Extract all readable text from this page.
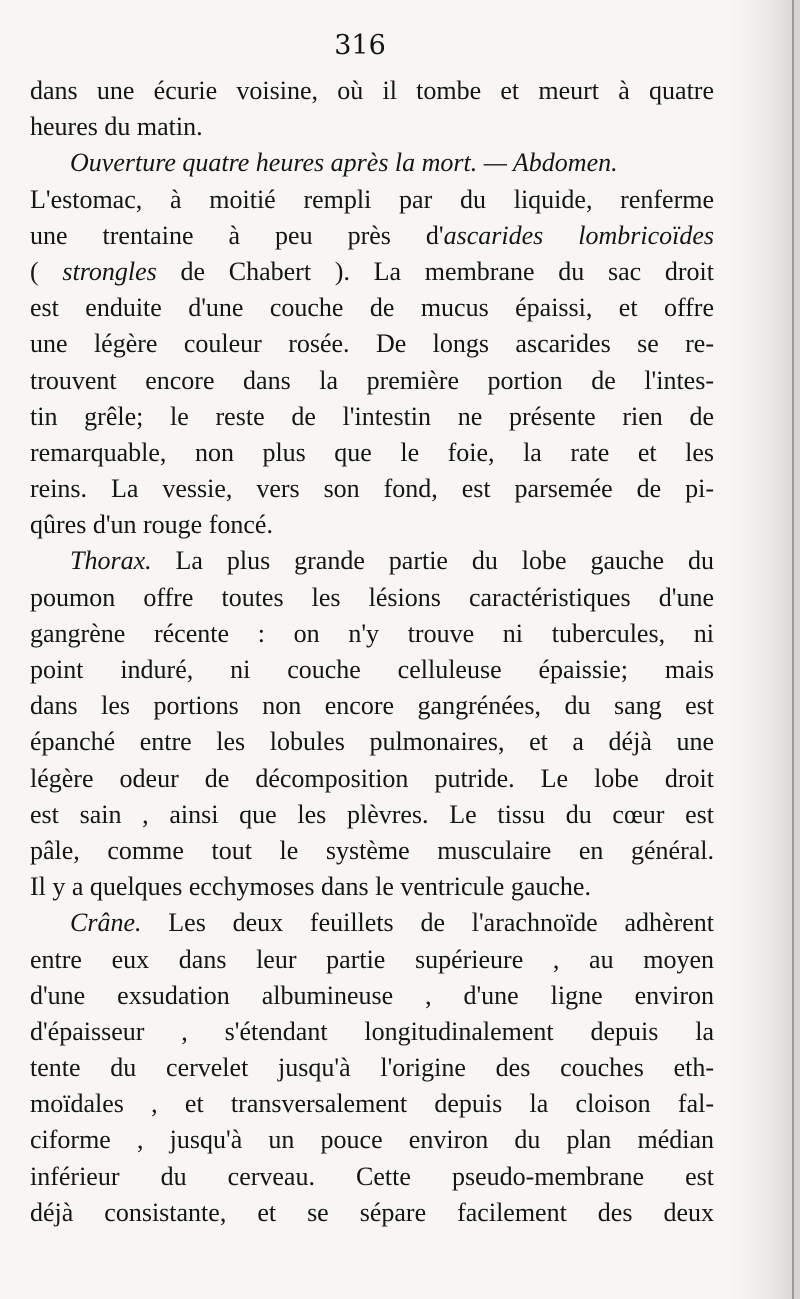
316
dans une écurie voisine, où il tombe et meurt à quatre
heures du matin.
Ouverture quatre heures après la mort. — Abdomen.
L'estomac, à moitié rempli par du liquide, renferme
une trentaine à peu près d'ascarides lombricoïdes
( strongles de Chabert ). La membrane du sac droit
est enduite d'une couche de mucus épaissi, et offre
une légère couleur rosée. De longs ascarides se re-
trouvent encore dans la première portion de l'intes-
tin grêle; le reste de l'intestin ne présente rien de
remarquable, non plus que le foie, la rate et les
reins. La vessie, vers son fond, est parsemée de pi-
qûres d'un rouge foncé.
Thorax. La plus grande partie du lobe gauche du
poumon offre toutes les lésions caractéristiques d'une
gangrène récente : on n'y trouve ni tubercules, ni
point induré, ni couche celluleuse épaissie; mais
dans les portions non encore gangrénées, du sang est
épanché entre les lobules pulmonaires, et a déjà une
légère odeur de décomposition putride. Le lobe droit
est sain , ainsi que les plèvres. Le tissu du cœur est
pâle, comme tout le système musculaire en général.
Il y a quelques ecchymoses dans le ventricule gauche.
Crâne. Les deux feuillets de l'arachnoïde adhèrent
entre eux dans leur partie supérieure , au moyen
d'une exsudation albumineuse , d'une ligne environ
d'épaisseur , s'étendant longitudinalement depuis la
tente du cervelet jusqu'à l'origine des couches eth-
moïdales , et transversalement depuis la cloison fal-
ciforme , jusqu'à un pouce environ du plan médian
inférieur du cerveau. Cette pseudo-membrane est
déjà consistante, et se sépare facilement des deux
